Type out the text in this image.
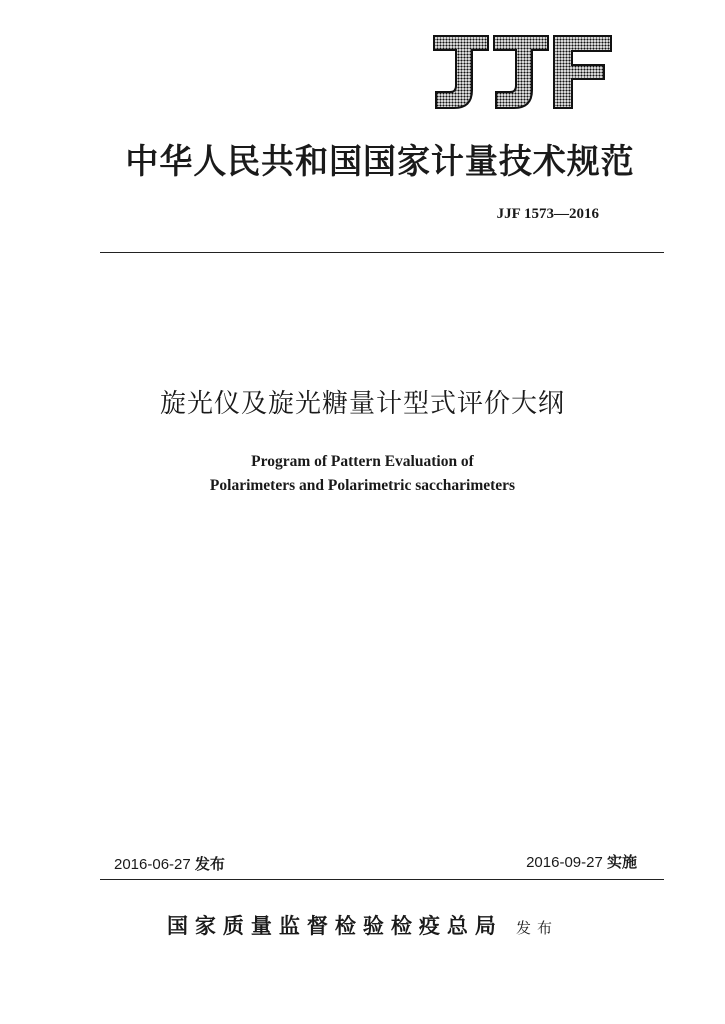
中华人民共和国国家计量技术规范
JJF 1573—2016
旋光仪及旋光糖量计型式评价大纲
Program of Pattern Evaluation of
Polarimeters and Polarimetric saccharimeters
2016-06-27 发布	2016-09-27 实施
国家质量监督检验检疫总局 发布
